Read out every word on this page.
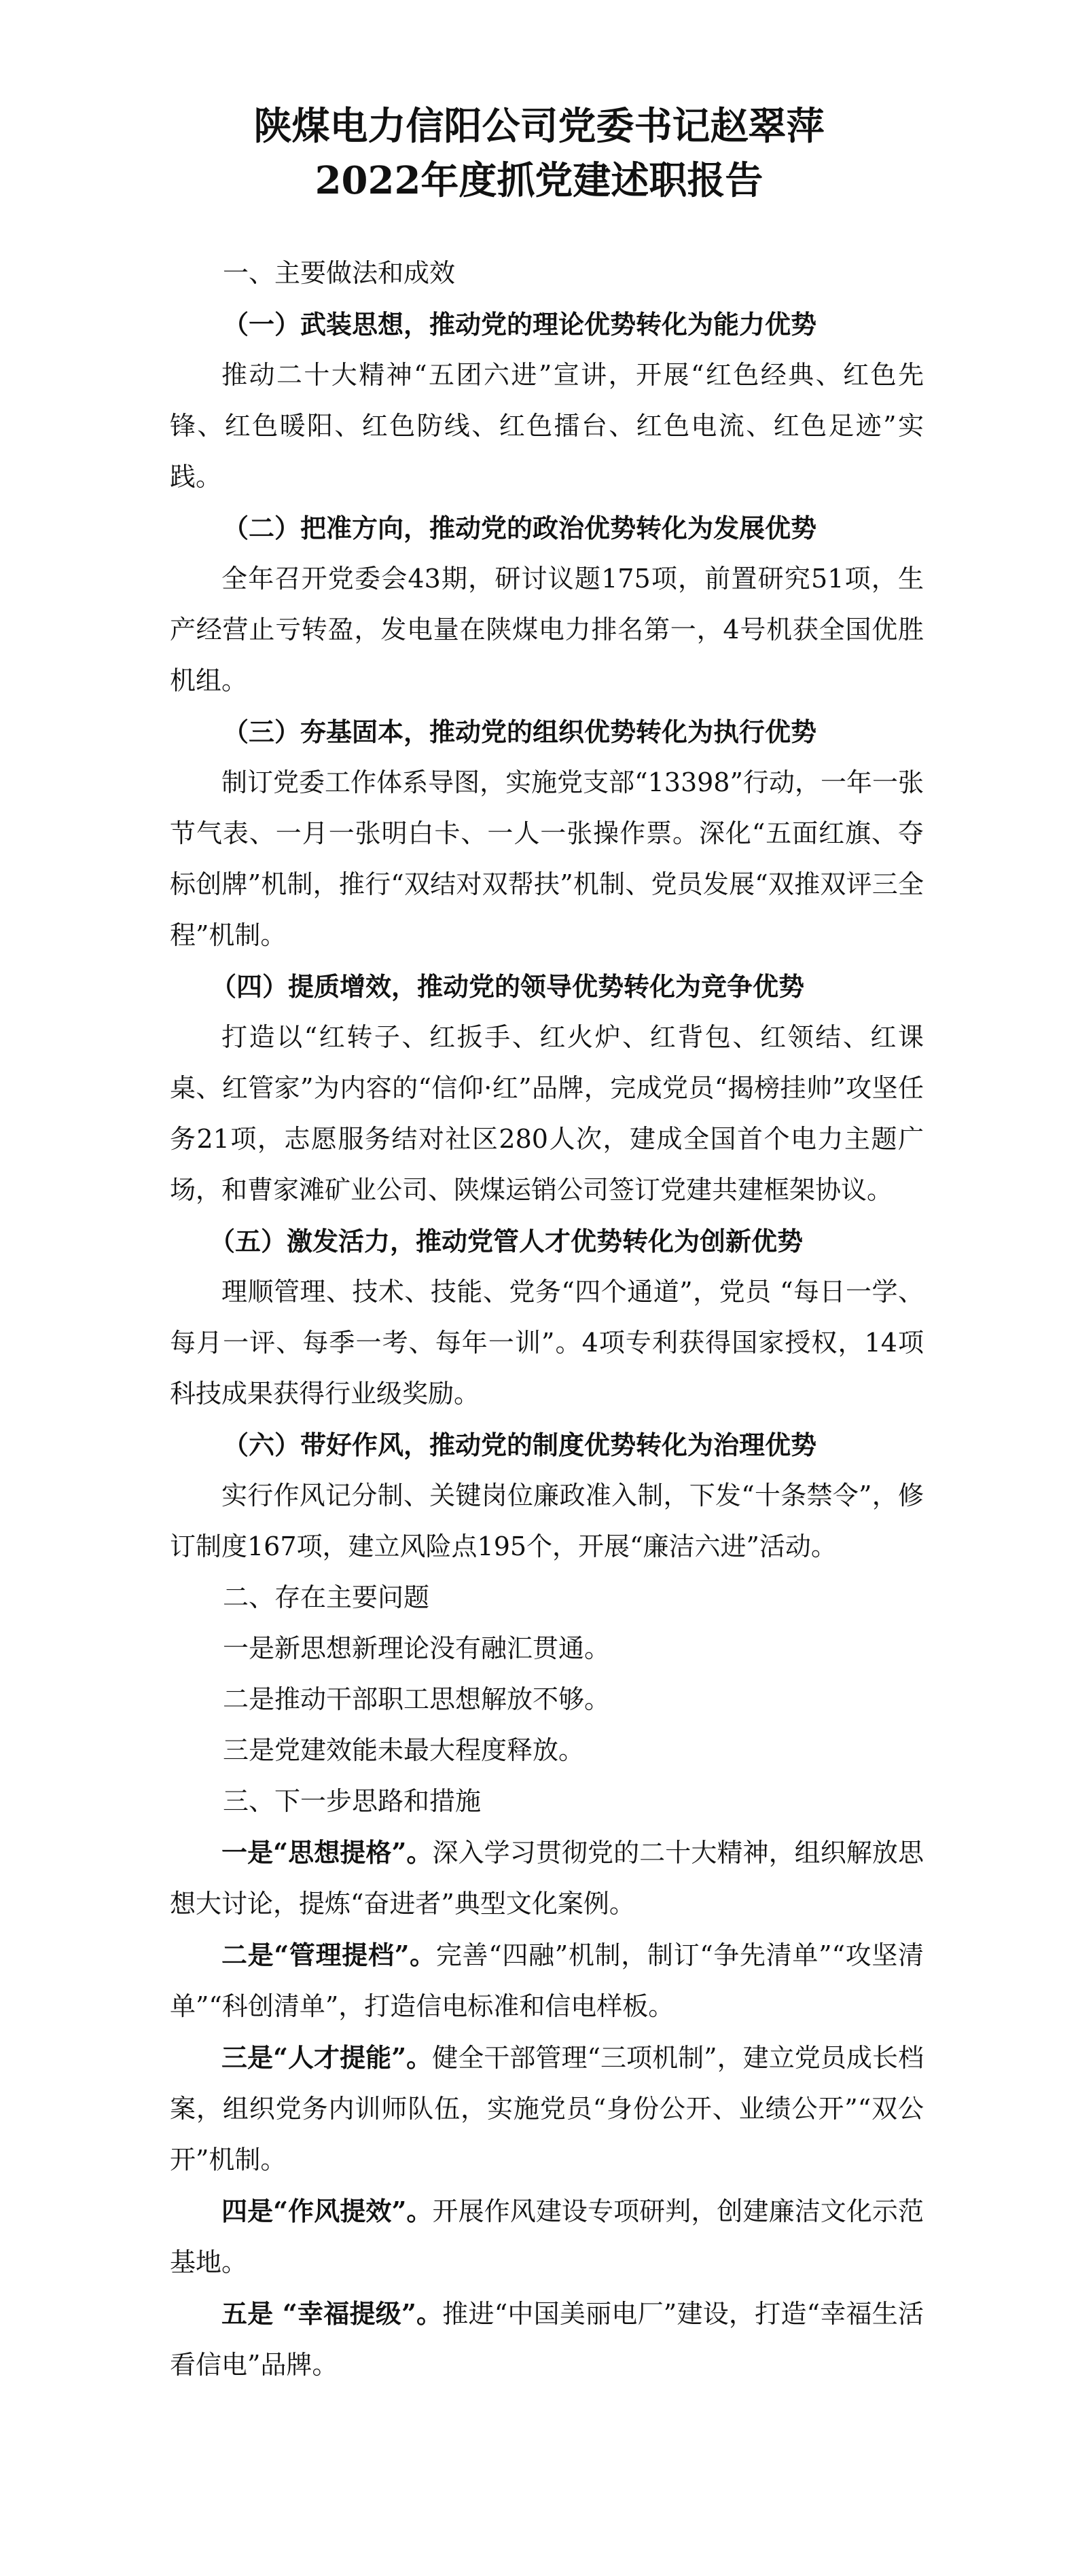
陕煤电力信阳公司党委书记赵翠萍
2022年度抓党建述职报告
一、主要做法和成效
（一）武装思想，推动党的理论优势转化为能力优势
推动二十大精神“五团六进”宣讲，开展“红色经典、红色先锋、红色暖阳、红色防线、红色擂台、红色电流、红色足迹”实践。
（二）把准方向，推动党的政治优势转化为发展优势
全年召开党委会43期，研讨议题175项，前置研究51项，生产经营止亏转盈，发电量在陕煤电力排名第一，4号机获全国优胜机组。
（三）夯基固本，推动党的组织优势转化为执行优势
制订党委工作体系导图，实施党支部“13398”行动，一年一张节气表、一月一张明白卡、一人一张操作票。深化“五面红旗、夺标创牌”机制，推行“双结对双帮扶”机制、党员发展“双推双评三全程”机制。
（四）提质增效，推动党的领导优势转化为竞争优势
打造以“红转子、红扳手、红火炉、红背包、红领结、红课桌、红管家”为内容的“信仰·红”品牌，完成党员“揭榜挂帅”攻坚任务21项，志愿服务结对社区280人次，建成全国首个电力主题广场，和曹家滩矿业公司、陕煤运销公司签订党建共建框架协议。
（五）激发活力，推动党管人才优势转化为创新优势
理顺管理、技术、技能、党务“四个通道”，党员 “每日一学、每月一评、每季一考、每年一训”。4项专利获得国家授权，14项科技成果获得行业级奖励。
（六）带好作风，推动党的制度优势转化为治理优势
实行作风记分制、关键岗位廉政准入制，下发“十条禁令”，修订制度167项，建立风险点195个，开展“廉洁六进”活动。
二、存在主要问题
一是新思想新理论没有融汇贯通。
二是推动干部职工思想解放不够。
三是党建效能未最大程度释放。
三、下一步思路和措施
一是“思想提格”。深入学习贯彻党的二十大精神，组织解放思想大讨论，提炼“奋进者”典型文化案例。
二是“管理提档”。完善“四融”机制，制订“争先清单”“攻坚清单”“科创清单”，打造信电标准和信电样板。
三是“人才提能”。健全干部管理“三项机制”，建立党员成长档案，组织党务内训师队伍，实施党员“身份公开、业绩公开”“双公开”机制。
四是“作风提效”。开展作风建设专项研判，创建廉洁文化示范基地。
五是 “幸福提级”。推进“中国美丽电厂”建设，打造“幸福生活看信电”品牌。
